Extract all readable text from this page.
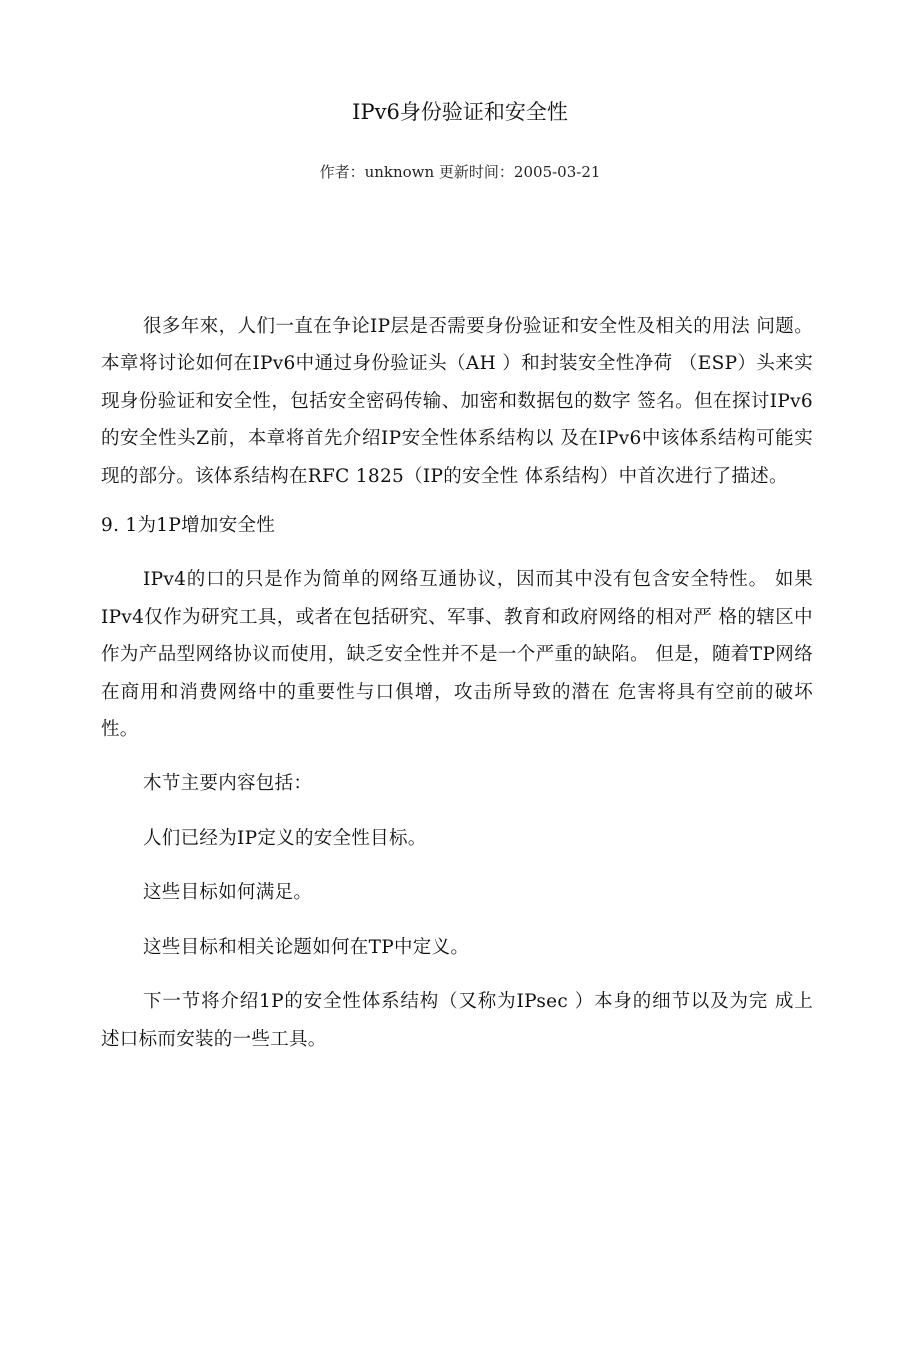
IPv6身份验证和安全性
作者：unknown 更新时间：2005-03-21

很多年來，人们一直在争论IP层是否需要身份验证和安全性及相关的用法 问题。本章将讨论如何在IPv6中通过身份验证头（AH ）和封装安全性净荷 （ESP）头来实现身份验证和安全性，包括安全密码传输、加密和数据包的数字 签名。但在探讨IPv6的安全性头Z前，本章将首先介绍IP安全性体系结构以 及在IPv6中该体系结构可能实现的部分。该体系结构在RFC 1825（IP的安全性 体系结构）中首次进行了描述。

9. 1为1P增加安全性

IPv4的口的只是作为简单的网络互通协议，因而其中没有包含安全特性。 如果IPv4仅作为研究工具，或者在包括研究、军事、教育和政府网络的相对严 格的辖区中作为产品型网络协议而使用，缺乏安全性并不是一个严重的缺陷。 但是，随着TP网络在商用和消费网络中的重要性与口俱增，攻击所导致的潜在 危害将具有空前的破坏性。

木节主要内容包括：

人们已经为IP定义的安全性目标。

这些目标如何满足。

这些目标和相关论题如何在TP中定义。

下一节将介绍1P的安全性体系结构（又称为IPsec ）本身的细节以及为完 成上述口标而安装的一些工具。
